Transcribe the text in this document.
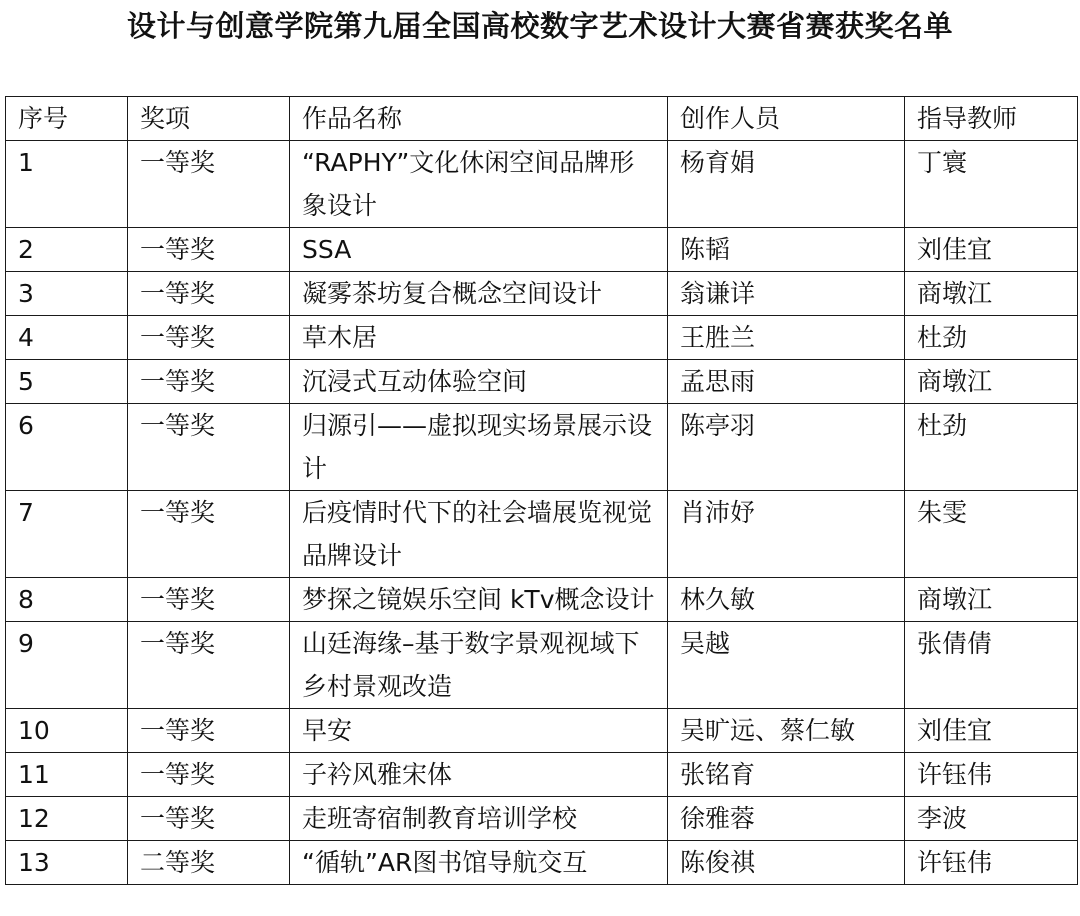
设计与创意学院第九届全国高校数字艺术设计大赛省赛获奖名单
序号	奖项	作品名称	创作人员	指导教师
1	一等奖	“RAPHY”文化休闲空间品牌形象设计	杨育娟	丁寰
2	一等奖	SSA	陈韬	刘佳宜
3	一等奖	凝雾茶坊复合概念空间设计	翁谦详	商墩江
4	一等奖	草木居	王胜兰	杜劲
5	一等奖	沉浸式互动体验空间	孟思雨	商墩江
6	一等奖	归源引——虚拟现实场景展示设计	陈亭羽	杜劲
7	一等奖	后疫情时代下的社会墙展览视觉品牌设计	肖沛妤	朱雯
8	一等奖	梦探之镜娱乐空间 kTv概念设计	林久敏	商墩江
9	一等奖	山廷海缘–基于数字景观视域下乡村景观改造	吴越	张倩倩
10	一等奖	早安	吴旷远、蔡仁敏	刘佳宜
11	一等奖	子衿风雅宋体	张铭育	许钰伟
12	一等奖	走班寄宿制教育培训学校	徐雅蓉	李波
13	二等奖	“循轨”AR图书馆导航交互	陈俊祺	许钰伟
